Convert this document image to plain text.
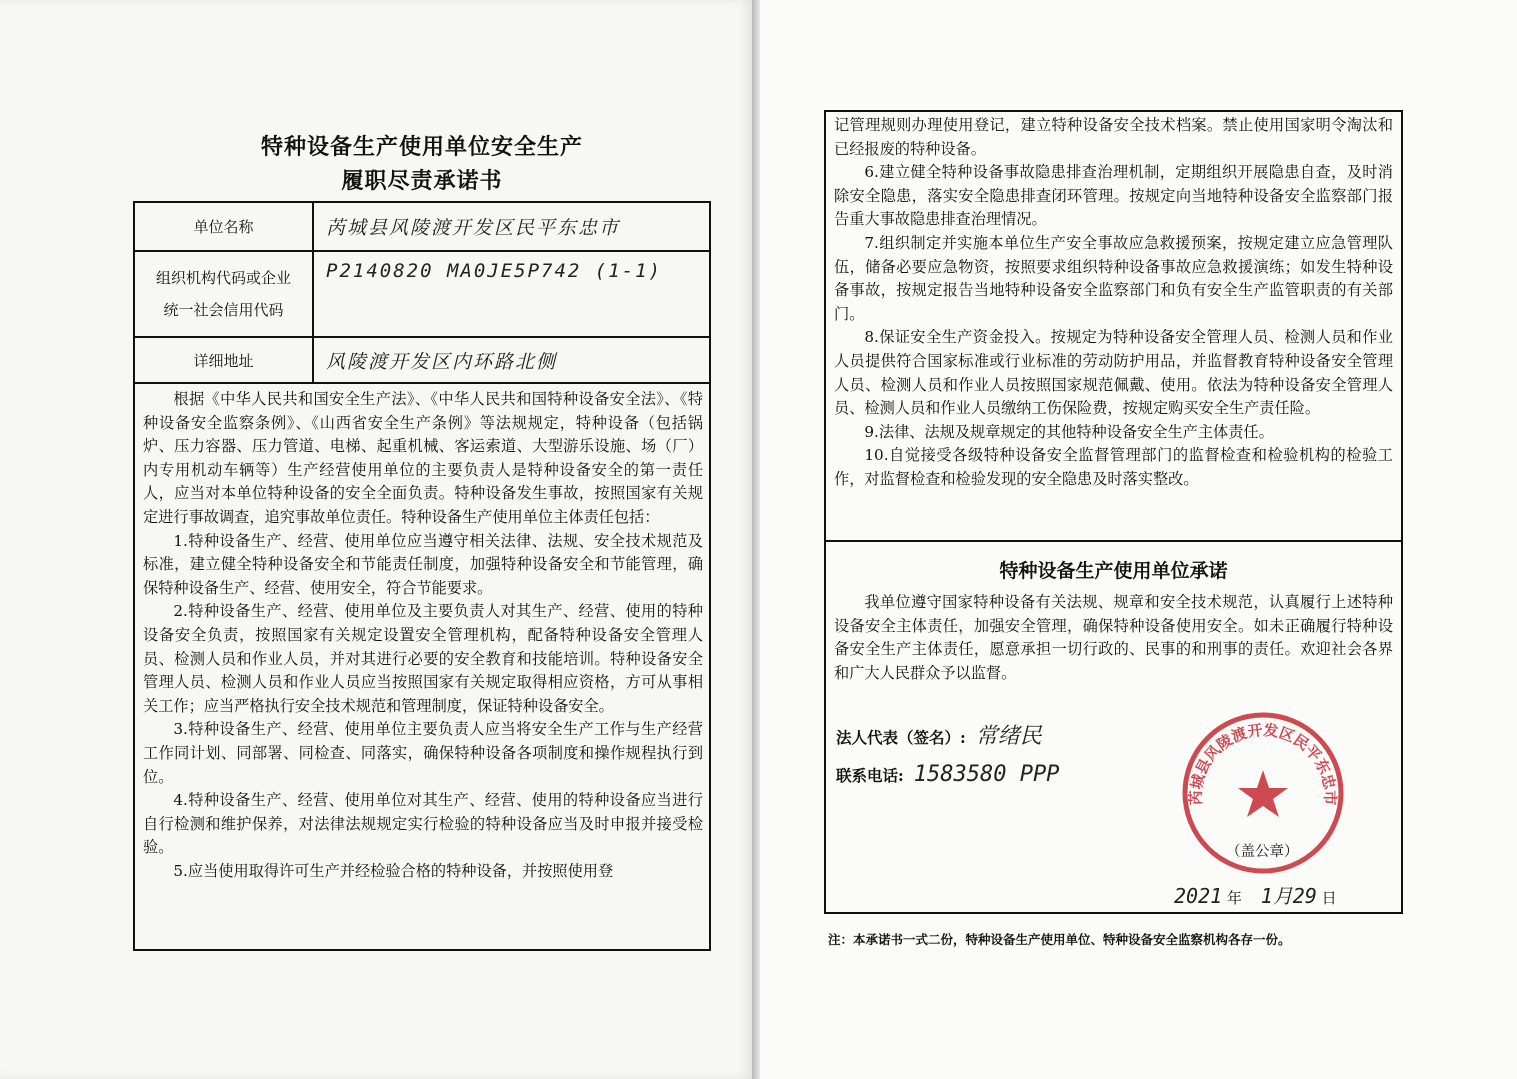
特种设备生产使用单位安全生产
履职尽责承诺书
单位名称	芮城县风陵渡开发区民平东忠市

组织机构代码或企业
统一社会信用代码	P2140820 MA0JE5P742 (1-1)
详细地址	风陵渡开发区内环路北侧

根据《中华人民共和国安全生产法》、《中华人民共和国特种设备安全法》、《特种设备安全监察条例》、《山西省安全生产条例》等法规规定，特种设备（包括锅炉、压力容器、压力管道、电梯、起重机械、客运索道、大型游乐设施、场（厂）内专用机动车辆等）生产经营使用单位的主要负责人是特种设备安全的第一责任人，应当对本单位特种设备的安全全面负责。特种设备发生事故，按照国家有关规定进行事故调查，追究事故单位责任。特种设备生产使用单位主体责任包括：

1.特种设备生产、经营、使用单位应当遵守相关法律、法规、安全技术规范及标准，建立健全特种设备安全和节能责任制度，加强特种设备安全和节能管理，确保特种设备生产、经营、使用安全，符合节能要求。

2.特种设备生产、经营、使用单位及主要负责人对其生产、经营、使用的特种设备安全负责，按照国家有关规定设置安全管理机构，配备特种设备安全管理人员、检测人员和作业人员，并对其进行必要的安全教育和技能培训。特种设备安全管理人员、检测人员和作业人员应当按照国家有关规定取得相应资格，方可从事相关工作；应当严格执行安全技术规范和管理制度，保证特种设备安全。

3.特种设备生产、经营、使用单位主要负责人应当将安全生产工作与生产经营工作同计划、同部署、同检查、同落实，确保特种设备各项制度和操作规程执行到位。

4.特种设备生产、经营、使用单位对其生产、经营、使用的特种设备应当进行自行检测和维护保养，对法律法规规定实行检验的特种设备应当及时申报并接受检验。

5.应当使用取得许可生产并经检验合格的特种设备，并按照使用登

记管理规则办理使用登记，建立特种设备安全技术档案。禁止使用国家明令淘汰和已经报废的特种设备。

6.建立健全特种设备事故隐患排查治理机制，定期组织开展隐患自查，及时消除安全隐患，落实安全隐患排查闭环管理。按规定向当地特种设备安全监察部门报告重大事故隐患排查治理情况。

7.组织制定并实施本单位生产安全事故应急救援预案，按规定建立应急管理队伍，储备必要应急物资，按照要求组织特种设备事故应急救援演练；如发生特种设备事故，按规定报告当地特种设备安全监察部门和负有安全生产监管职责的有关部门。

8.保证安全生产资金投入。按规定为特种设备安全管理人员、检测人员和作业人员提供符合国家标准或行业标准的劳动防护用品，并监督教育特种设备安全管理人员、检测人员和作业人员按照国家规范佩戴、使用。依法为特种设备安全管理人员、检测人员和作业人员缴纳工伤保险费，按规定购买安全生产责任险。

9.法律、法规及规章规定的其他特种设备安全生产主体责任。

10.自觉接受各级特种设备安全监督管理部门的监督检查和检验机构的检验工作，对监督检查和检验发现的安全隐患及时落实整改。

特种设备生产使用单位承诺

我单位遵守国家特种设备有关法规、规章和安全技术规范，认真履行上述特种设备安全主体责任，加强安全管理，确保特种设备使用安全。如未正确履行特种设备安全生产主体责任，愿意承担一切行政的、民事的和刑事的责任。欢迎社会各界和广大人民群众予以监督。

法人代表（签名）: 常绪民
联系电话: 1583580 PPP
（盖公章）
2021 年 1月29 日
芮城县风陵渡开发区民平东忠市
注：本承诺书一式二份，特种设备生产使用单位、特种设备安全监察机构各存一份。
